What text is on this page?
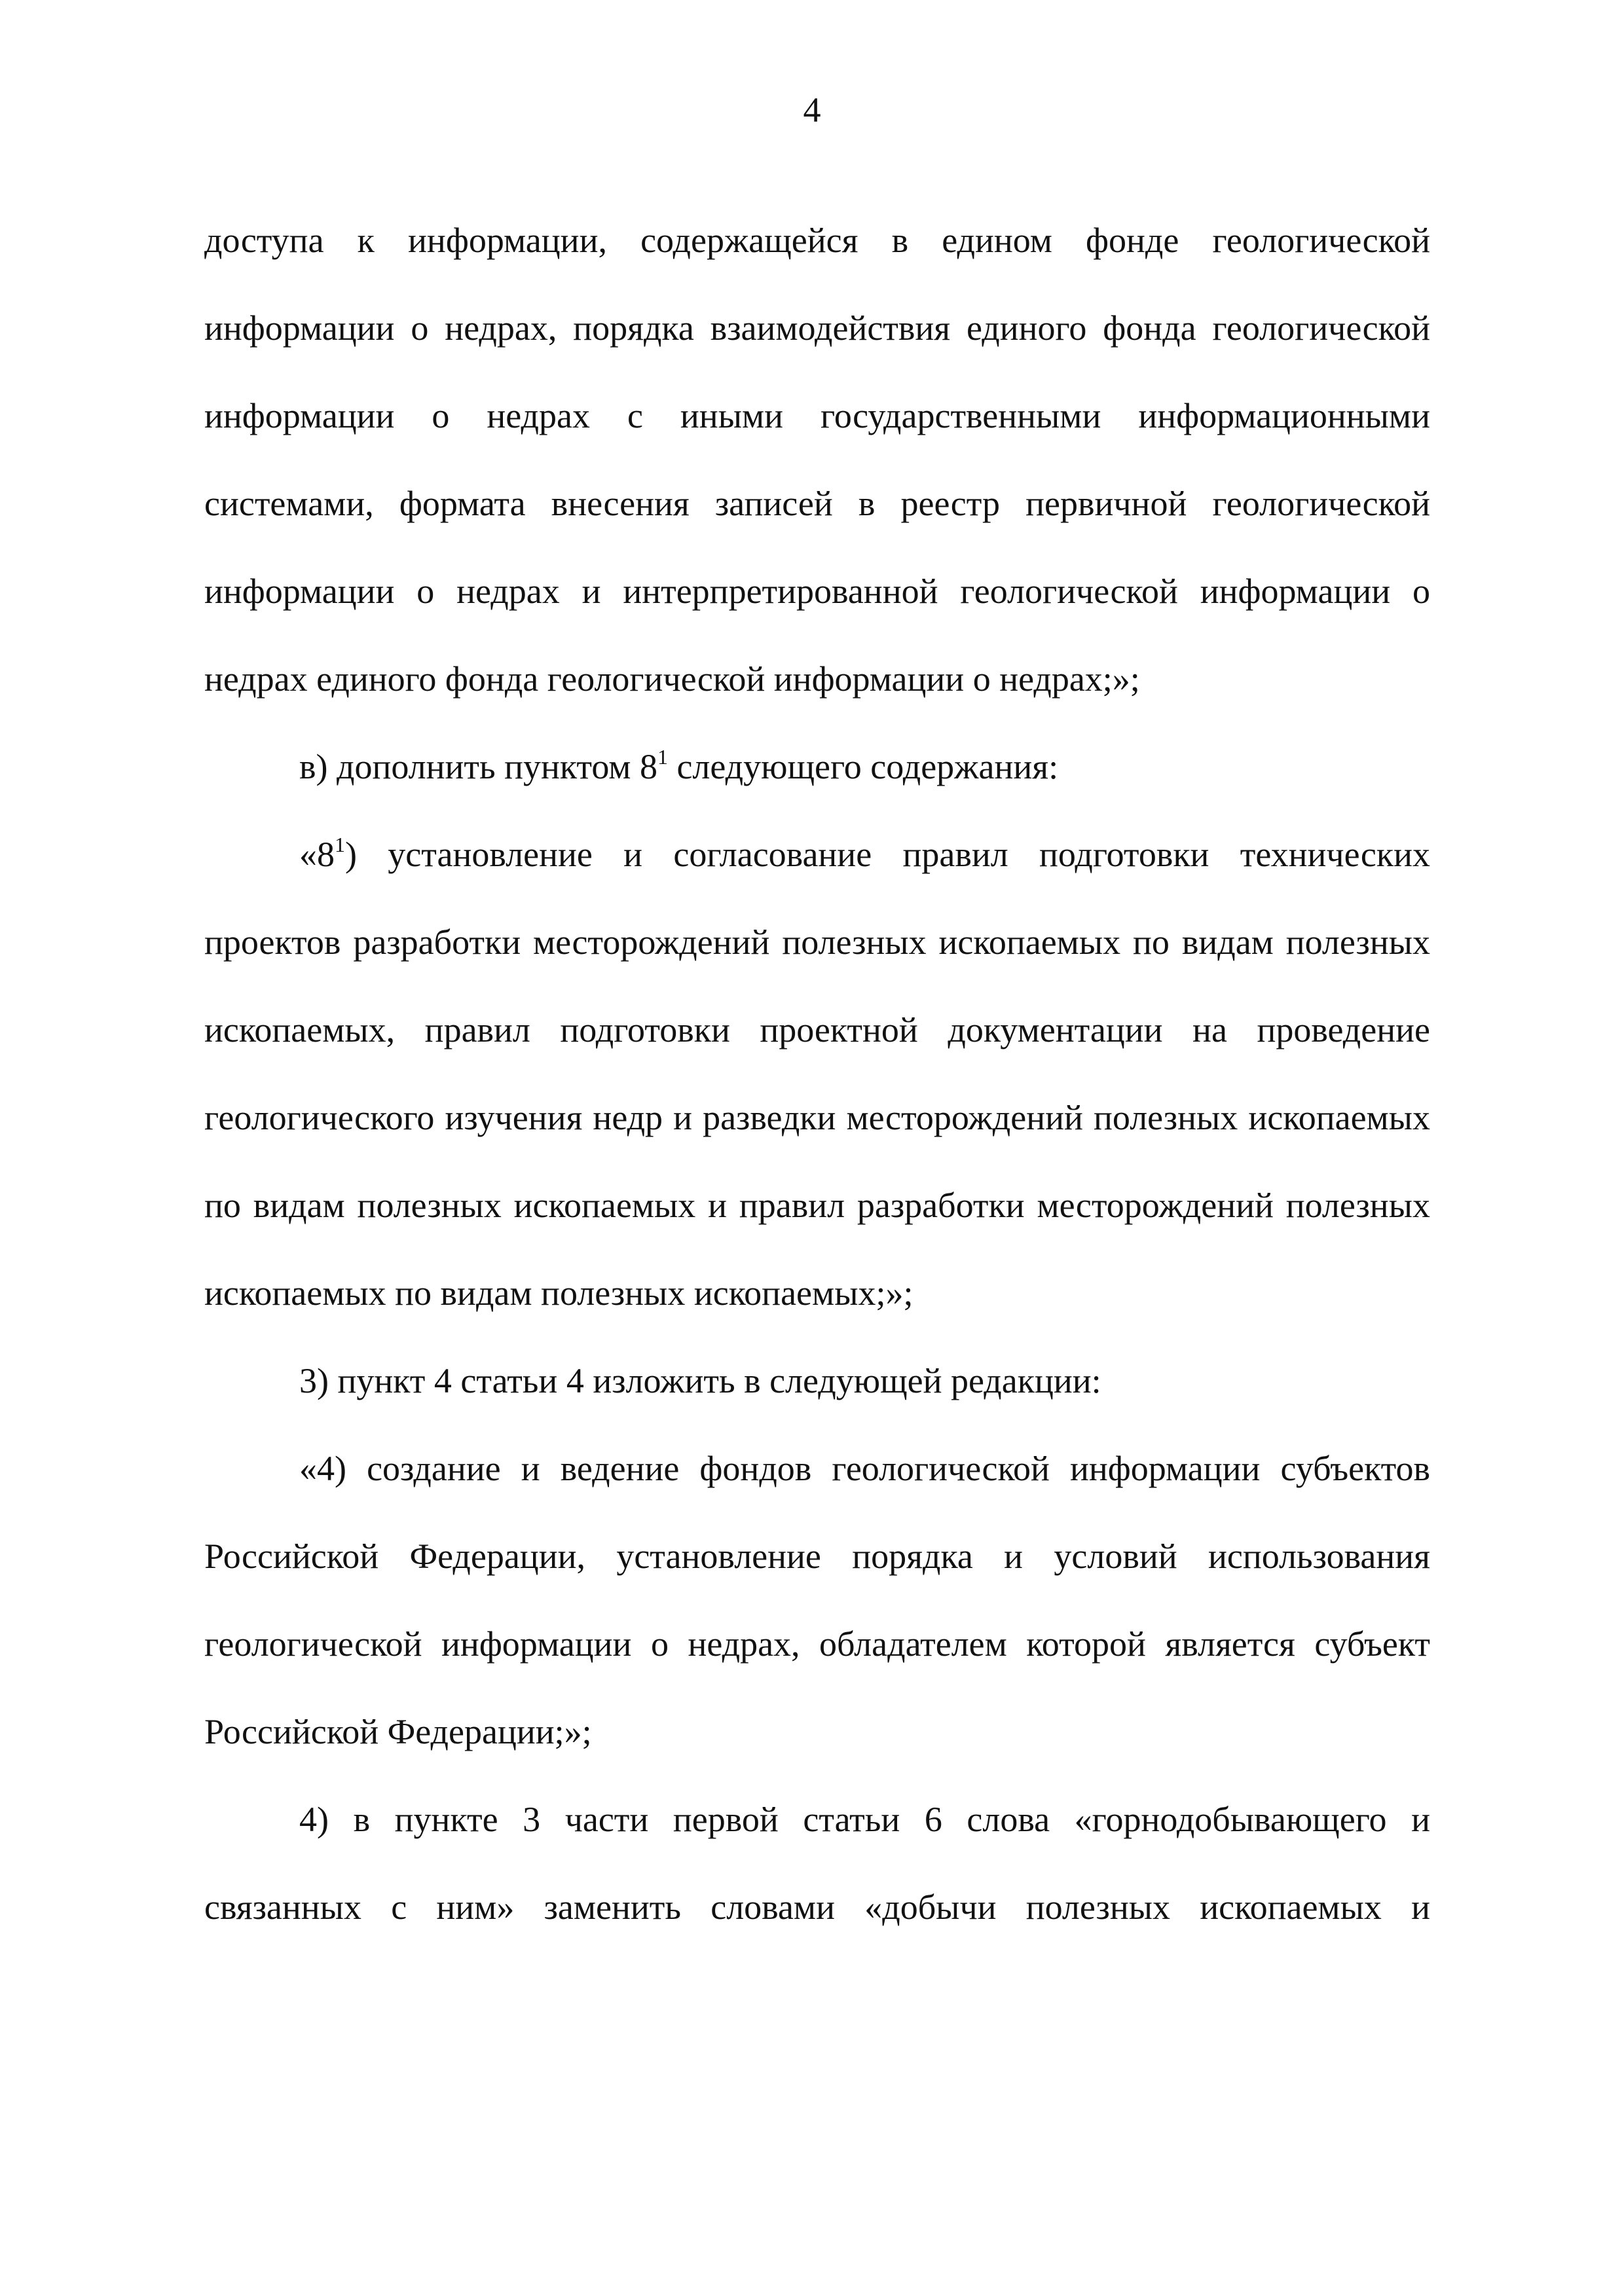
4

доступа к информации, содержащейся в едином фонде геологической информации о недрах, порядка взаимодействия единого фонда геологической информации о недрах с иными государственными информационными системами, формата внесения записей в реестр первичной геологической информации о недрах и интерпретированной геологической информации о недрах единого фонда геологической информации о недрах;»;

в) дополнить пунктом $8^1$ следующего содержания:

«$8^1$) установление и согласование правил подготовки технических проектов разработки месторождений полезных ископаемых по видам полезных ископаемых, правил подготовки проектной документации на проведение геологического изучения недр и разведки месторождений полезных ископаемых по видам полезных ископаемых и правил разработки месторождений полезных ископаемых по видам полезных ископаемых;»;

3) пункт 4 статьи 4 изложить в следующей редакции:

«4) создание и ведение фондов геологической информации субъектов Российской Федерации, установление порядка и условий использования геологической информации о недрах, обладателем которой является субъект Российской Федерации;»;

4) в пункте 3 части первой статьи 6 слова «горнодобывающего и связанных с ним» заменить словами «добычи полезных ископаемых и
